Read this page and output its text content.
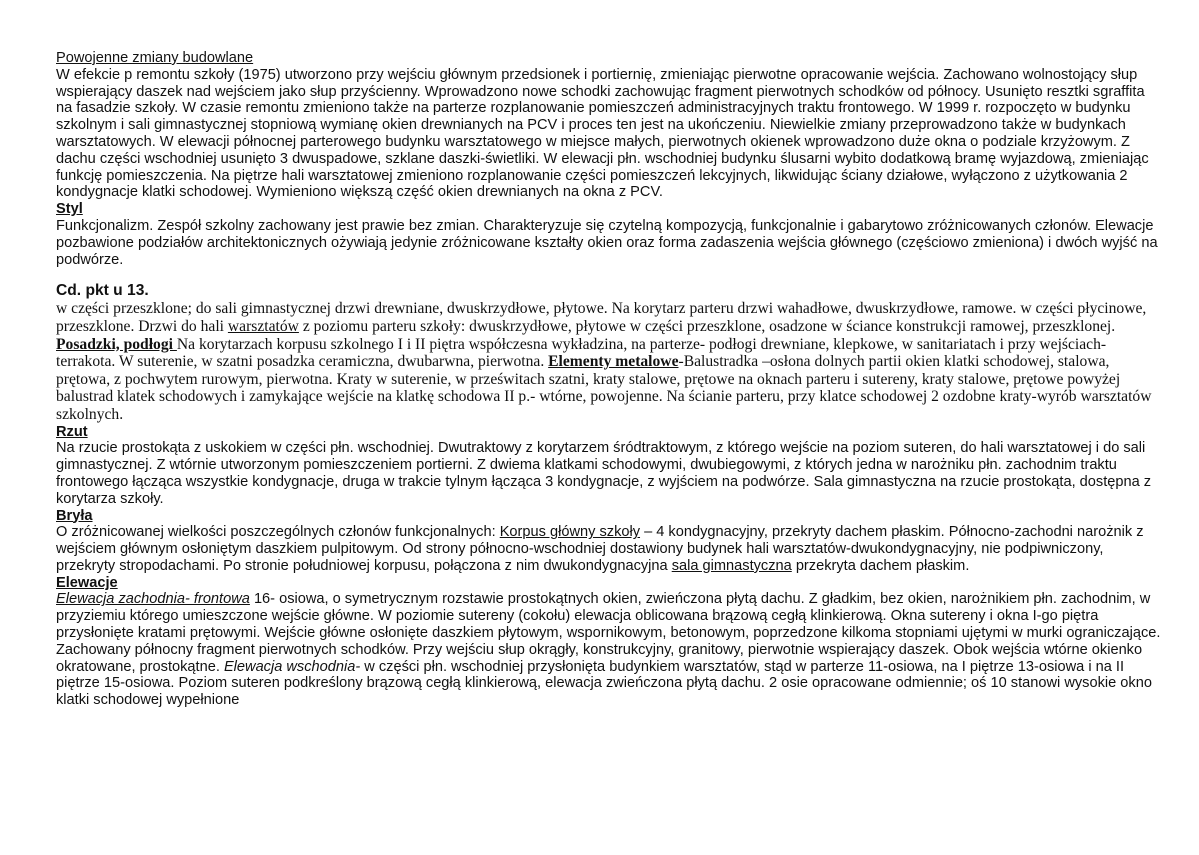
Powojenne zmiany budowlane

W efekcie p remontu szkoły (1975) utworzono przy wejściu głównym przedsionek i portiernię, zmieniając pierwotne opracowanie wejścia. Zachowano wolnostojący słup wspierający daszek nad wejściem jako słup przyścienny. Wprowadzono nowe schodki zachowując fragment pierwotnych schodków od północy. Usunięto resztki sgraffita na fasadzie szkoły. W czasie remontu zmieniono także na parterze rozplanowanie pomieszczeń administracyjnych traktu frontowego. W 1999 r. rozpoczęto w budynku szkolnym i sali gimnastycznej stopniową wymianę okien drewnianych na PCV i proces ten jest na ukończeniu. Niewielkie zmiany przeprowadzono także w budynkach warsztatowych. W elewacji północnej parterowego budynku warsztatowego w miejsce małych, pierwotnych okienek wprowadzono duże okna o podziale krzyżowym. Z dachu części wschodniej usunięto 3 dwuspadowe, szklane daszki-świetliki. W elewacji płn. wschodniej budynku ślusarni wybito dodatkową bramę wyjazdową, zmieniając funkcję pomieszczenia. Na piętrze hali warsztatowej zmieniono rozplanowanie części pomieszczeń lekcyjnych, likwidując ściany działowe, wyłączono z użytkowania 2 kondygnacje klatki schodowej. Wymieniono większą część okien drewnianych na okna z PCV.

Styl

Funkcjonalizm. Zespół szkolny zachowany jest prawie bez zmian. Charakteryzuje się czytelną kompozycją, funkcjonalnie i gabarytowo zróżnicowanych członów. Elewacje pozbawione podziałów architektonicznych ożywiają jedynie zróżnicowane kształty okien oraz forma zadaszenia wejścia głównego (częściowo zmieniona) i dwóch wyjść na podwórze.

Cd. pkt u 13.

w części przeszklone; do sali gimnastycznej drzwi drewniane, dwuskrzydłowe, płytowe. Na korytarz parteru drzwi wahadłowe, dwuskrzydłowe, ramowe. w części płycinowe, przeszklone. Drzwi do hali warsztatów z poziomu parteru szkoły: dwuskrzydłowe, płytowe w części przeszklone, osadzone w ściance konstrukcji ramowej, przeszklonej. Posadzki, podłogi Na korytarzach korpusu szkolnego I i II piętra współczesna wykładzina, na parterze- podłogi drewniane, klepkowe, w sanitariatach i przy wejściach- terrakota. W suterenie, w szatni posadzka ceramiczna, dwubarwna, pierwotna. Elementy metalowe-Balustradka –osłona dolnych partii okien klatki schodowej, stalowa, prętowa, z pochwytem rurowym, pierwotna. Kraty w suterenie, w prześwitach szatni, kraty stalowe, prętowe na oknach parteru i sutereny, kraty stalowe, prętowe powyżej balustrad klatek schodowych i zamykające wejście na klatkę schodowa II p.- wtórne, powojenne. Na ścianie parteru, przy klatce schodowej 2 ozdobne kraty-wyrób warsztatów szkolnych.

Rzut

Na rzucie prostokąta z uskokiem w części płn. wschodniej. Dwutraktowy z korytarzem śródtraktowym, z którego wejście na poziom suteren, do hali warsztatowej i do sali gimnastycznej. Z wtórnie utworzonym pomieszczeniem portierni. Z dwiema klatkami schodowymi, dwubiegowymi, z których jedna w narożniku płn. zachodnim traktu frontowego łącząca wszystkie kondygnacje, druga w trakcie tylnym łącząca 3 kondygnacje, z wyjściem na podwórze. Sala gimnastyczna na rzucie prostokąta, dostępna z korytarza szkoły.

Bryła

O zróżnicowanej wielkości poszczególnych członów funkcjonalnych: Korpus główny szkoły – 4 kondygnacyjny, przekryty dachem płaskim. Północno-zachodni narożnik z wejściem głównym osłoniętym daszkiem pulpitowym. Od strony północno-wschodniej dostawiony budynek hali warsztatów-dwukondygnacyjny, nie podpiwniczony, przekryty stropodachami. Po stronie południowej korpusu, połączona z nim dwukondygnacyjna sala gimnastyczna przekryta dachem płaskim.

Elewacje

Elewacja zachodnia- frontowa 16- osiowa, o symetrycznym rozstawie prostokątnych okien, zwieńczona płytą dachu. Z gładkim, bez okien, narożnikiem płn. zachodnim, w przyziemiu którego umieszczone wejście główne. W poziomie sutereny (cokołu) elewacja oblicowana brązową cegłą klinkierową. Okna sutereny i okna I-go piętra przysłonięte kratami prętowymi. Wejście główne osłonięte daszkiem płytowym, wspornikowym, betonowym, poprzedzone kilkoma stopniami ujętymi w murki ograniczające. Zachowany północny fragment pierwotnych schodków. Przy wejściu słup okrągły, konstrukcyjny, granitowy, pierwotnie wspierający daszek. Obok wejścia wtórne okienko okratowane, prostokątne. Elewacja wschodnia- w części płn. wschodniej przysłonięta budynkiem warsztatów, stąd w parterze 11-osiowa, na I piętrze 13-osiowa i na II piętrze 15-osiowa. Poziom suteren podkreślony brązową cegłą klinkierową, elewacja zwieńczona płytą dachu. 2 osie opracowane odmiennie; oś 10 stanowi wysokie okno klatki schodowej wypełnione
